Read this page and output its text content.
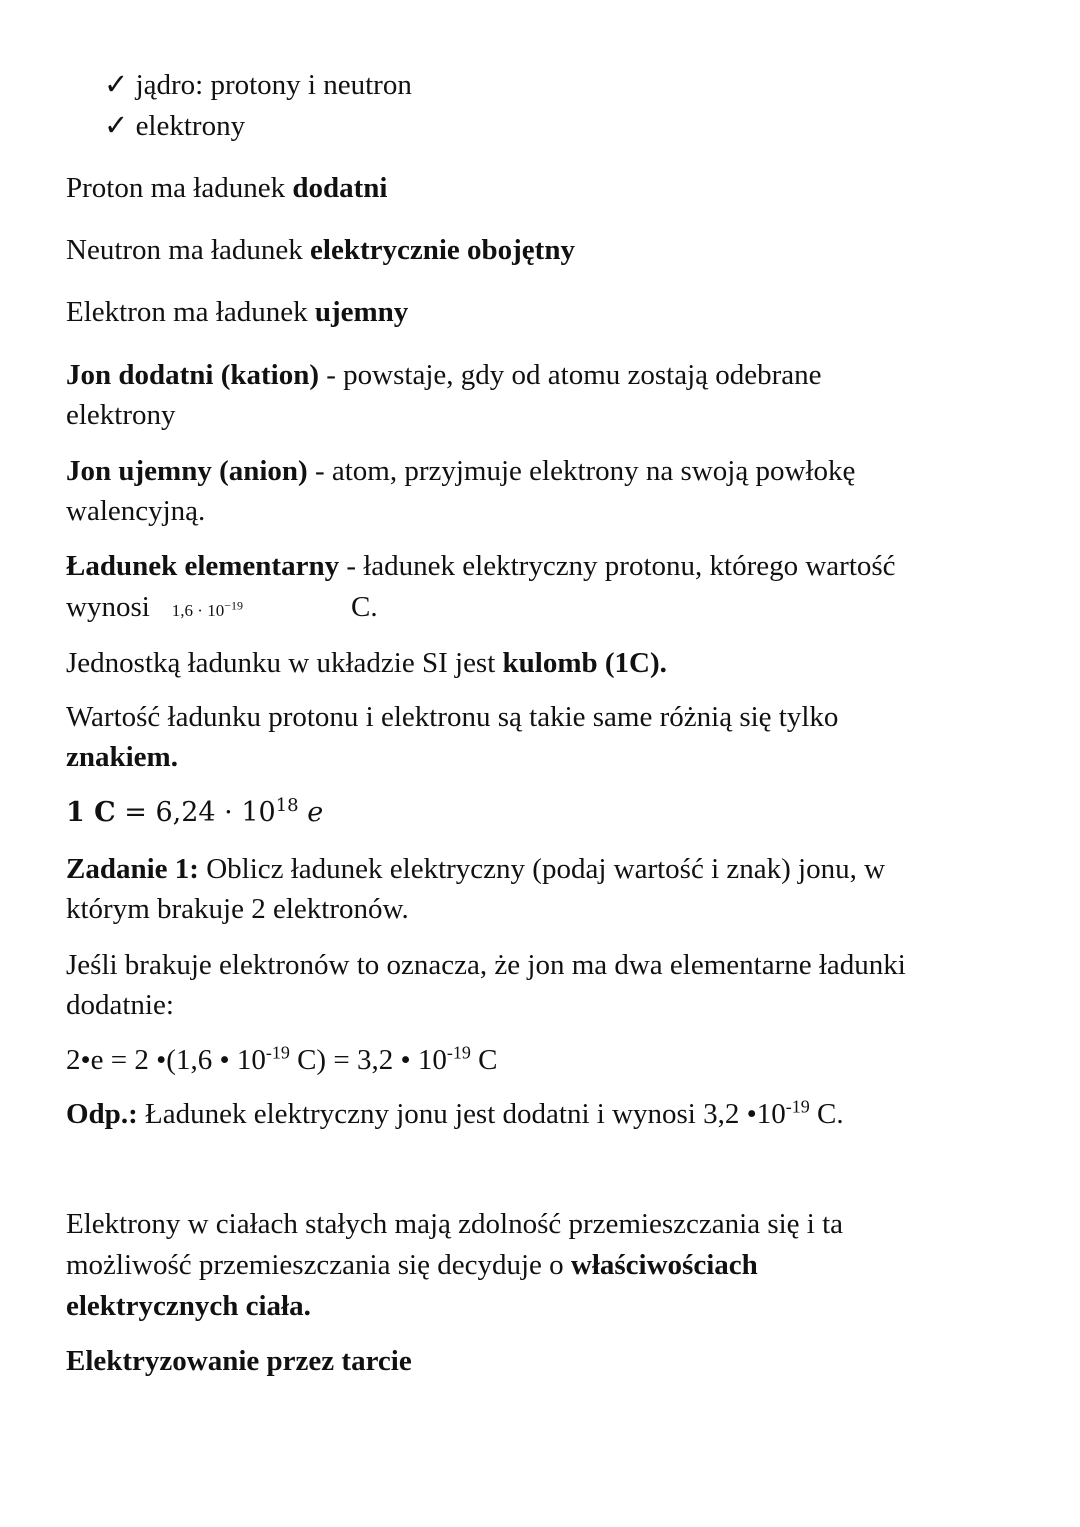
✓ jądro: protony i neutron
✓ elektrony
Proton ma ładunek dodatni
Neutron ma ładunek elektrycznie obojętny
Elektron ma ładunek ujemny
Jon dodatni (kation) - powstaje, gdy od atomu zostają odebrane
elektrony
Jon ujemny (anion) - atom, przyjmuje elektrony na swoją powłokę
walencyjną.
Ładunek elementarny - ładunek elektryczny protonu, którego wartość
wynosi $1,6 \cdot 10^{-19}$	C.
Jednostką ładunku w układzie SI jest kulomb (1C).
Wartość ładunku protonu i elektronu są takie same różnią się tylko
znakiem.
1 $C = 6,24 \cdot 10^{18}$ e
Zadanie 1: Oblicz ładunek elektryczny (podaj wartość i znak) jonu, w
którym brakuje 2 elektronów.
Jeśli brakuje elektronów to oznacza, że jon ma dwa elementarne ładunki
dodatnie:
2•e = 2 •(1,6 • $10^{-19}$ C) = 3,2 • $10^{-19}$ C
Odp.: Ładunek elektryczny jonu jest dodatni i wynosi 3,2 $•10^{-19}$ C.
Elektrony w ciałach stałych mają zdolność przemieszczania się i ta
możliwość przemieszczania się decyduje o właściwościach
elektrycznych ciała.
Elektryzowanie przez tarcie
